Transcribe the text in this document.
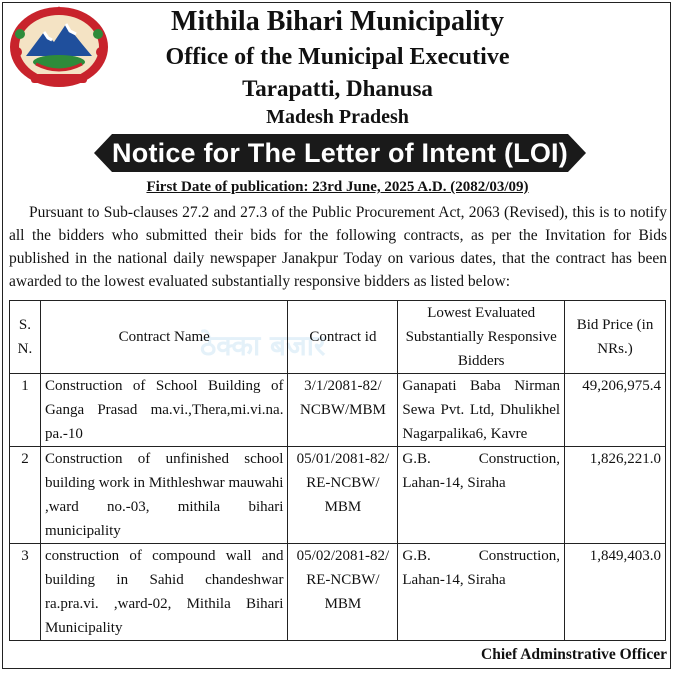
Mithila Bihari Municipality
Office of the Municipal Executive
Tarapatti, Dhanusa
Madesh Pradesh
Notice for The Letter of Intent (LOI)
First Date of publication: 23rd June, 2025 A.D. (2082/03/09)
Pursuant to Sub-clauses 27.2 and 27.3 of the Public Procurement Act, 2063 (Revised), this is to notify all the bidders who submitted their bids for the following contracts, as per the Invitation for Bids published in the national daily newspaper Janakpur Today on various dates, that the contract has been awarded to the lowest evaluated substantially responsive bidders as listed below:
ठेक्का बजार
S. N.	Contract Name	Contract id	Lowest Evaluated Substantially Responsive Bidders	Bid Price (in NRs.)
1	Construction of School Building of Ganga Prasad ma.vi.,Thera,mi.vi.na. pa.-10	3/1/2081-82/ NCBW/MBM	Ganapati Baba Nirman Sewa Pvt. Ltd, Dhulikhel Nagarpalika6, Kavre	49,206,975.4
2	Construction of unfinished school building work in Mithleshwar mauwahi ,ward no.-03, mithila bihari municipality	05/01/2081-82/ RE-NCBW/ MBM	G.B. Construction, Lahan-14, Siraha	1,826,221.0
3	construction of compound wall and building in Sahid chandeshwar ra.pra.vi. ,ward-02, Mithila Bihari Municipality	05/02/2081-82/ RE-NCBW/ MBM	G.B. Construction, Lahan-14, Siraha	1,849,403.0
Chief Adminstrative Officer
